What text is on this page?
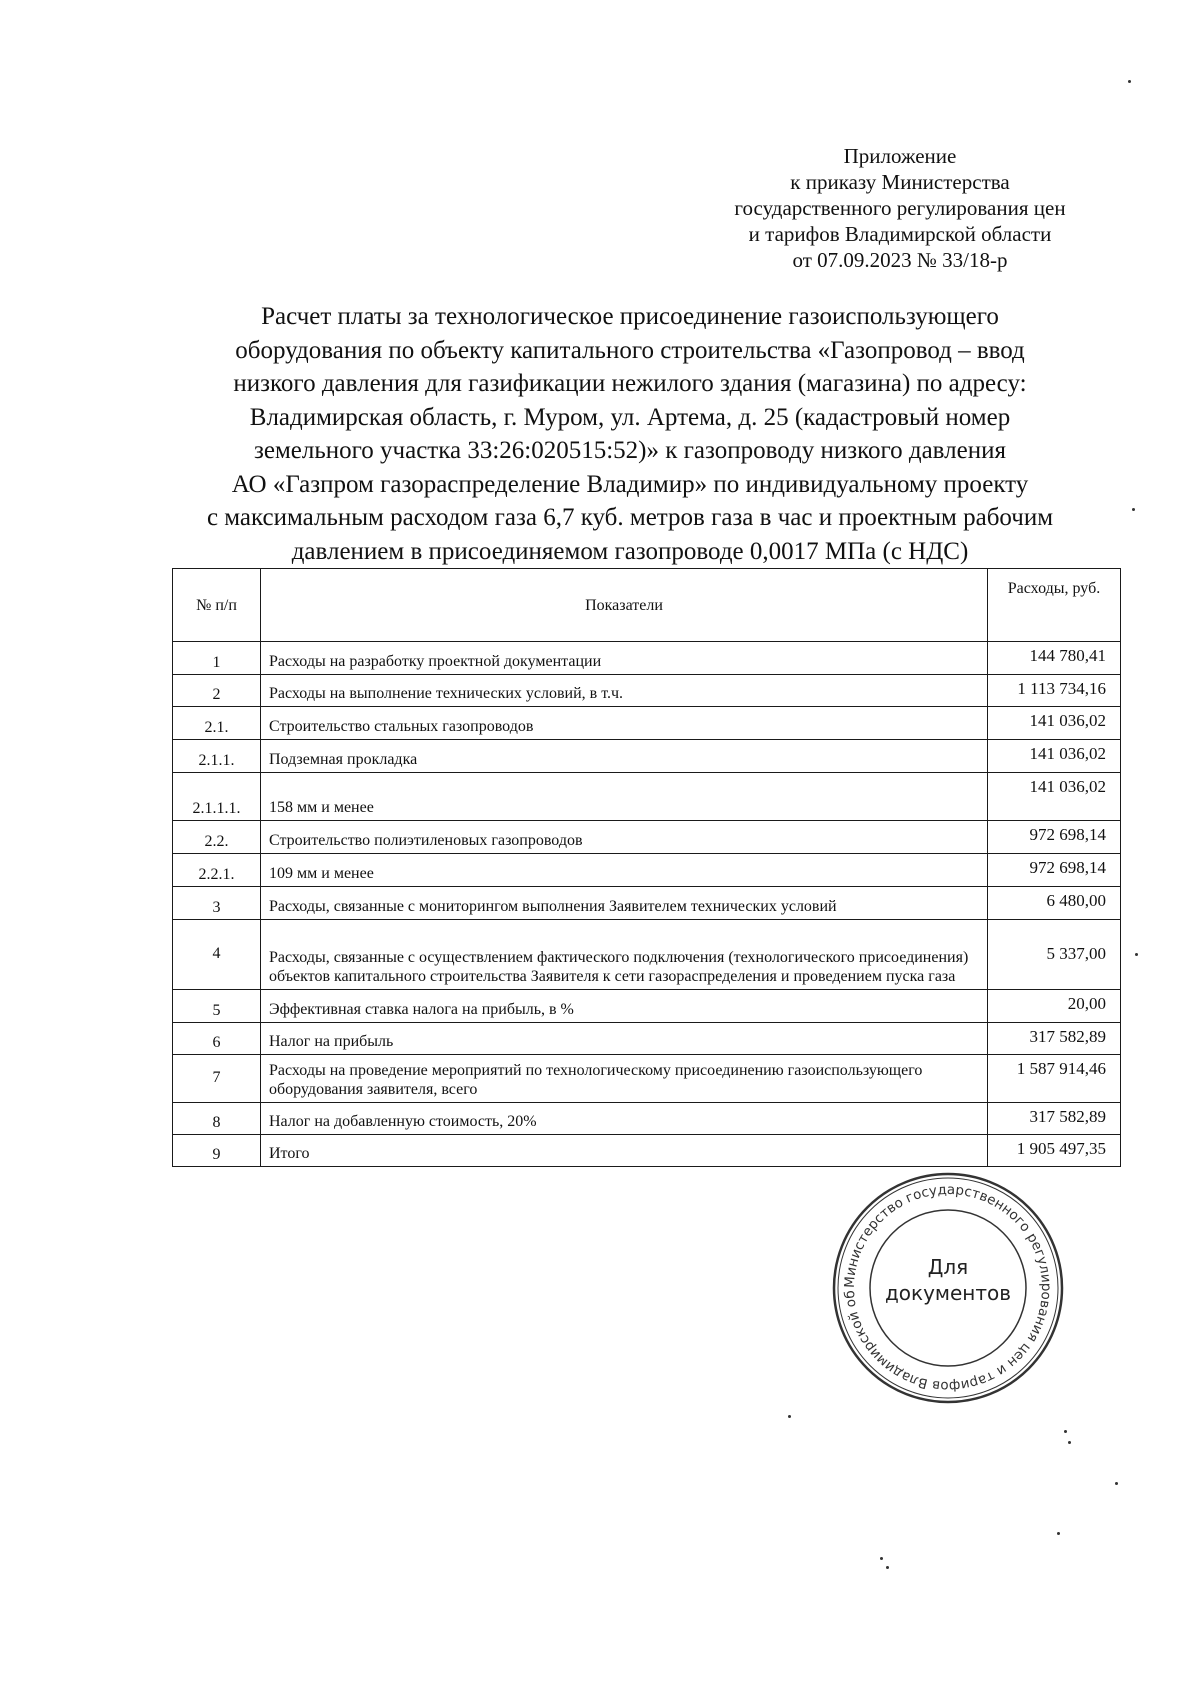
Приложение
к приказу Министерства
государственного регулирования цен
и тарифов Владимирской области
от 07.09.2023 № 33/18-р
Расчет платы за технологическое присоединение газоиспользующего
оборудования по объекту капитального строительства «Газопровод – ввод
низкого давления для газификации нежилого здания (магазина) по адресу:
Владимирская область, г. Муром, ул. Артема, д. 25 (кадастровый номер
земельного участка 33:26:020515:52)» к газопроводу низкого давления
АО «Газпром газораспределение Владимир» по индивидуальному проекту
с максимальным расходом газа 6,7 куб. метров газа в час и проектным рабочим
давлением в присоединяемом газопроводе 0,0017 МПа (с НДС)
№ п/п	Показатели	Расходы, руб.
1	Расходы на разработку проектной документации	144 780,41
2	Расходы на выполнение технических условий, в т.ч.	1 113 734,16
2.1.	Строительство стальных газопроводов	141 036,02
2.1.1.	Подземная прокладка	141 036,02
2.1.1.1.	158 мм и менее	141 036,02
2.2.	Строительство полиэтиленовых газопроводов	972 698,14
2.2.1.	109 мм и менее	972 698,14
3	Расходы, связанные с мониторингом выполнения Заявителем технических условий	6 480,00
4	Расходы, связанные с осуществлением фактического подключения (технологического присоединения) объектов капитального строительства Заявителя к сети газораспределения и проведением пуска газа	5 337,00
5	Эффективная ставка налога на прибыль, в %	20,00
6	Налог на прибыль	317 582,89
7	Расходы на проведение мероприятий по технологическому присоединению газоиспользующего оборудования заявителя, всего	1 587 914,46
8	Налог на добавленную стоимость, 20%	317 582,89
9	Итого	1 905 497,35
Министерство государственного регулирования цен и тарифов Владимирской об
Для
документов
